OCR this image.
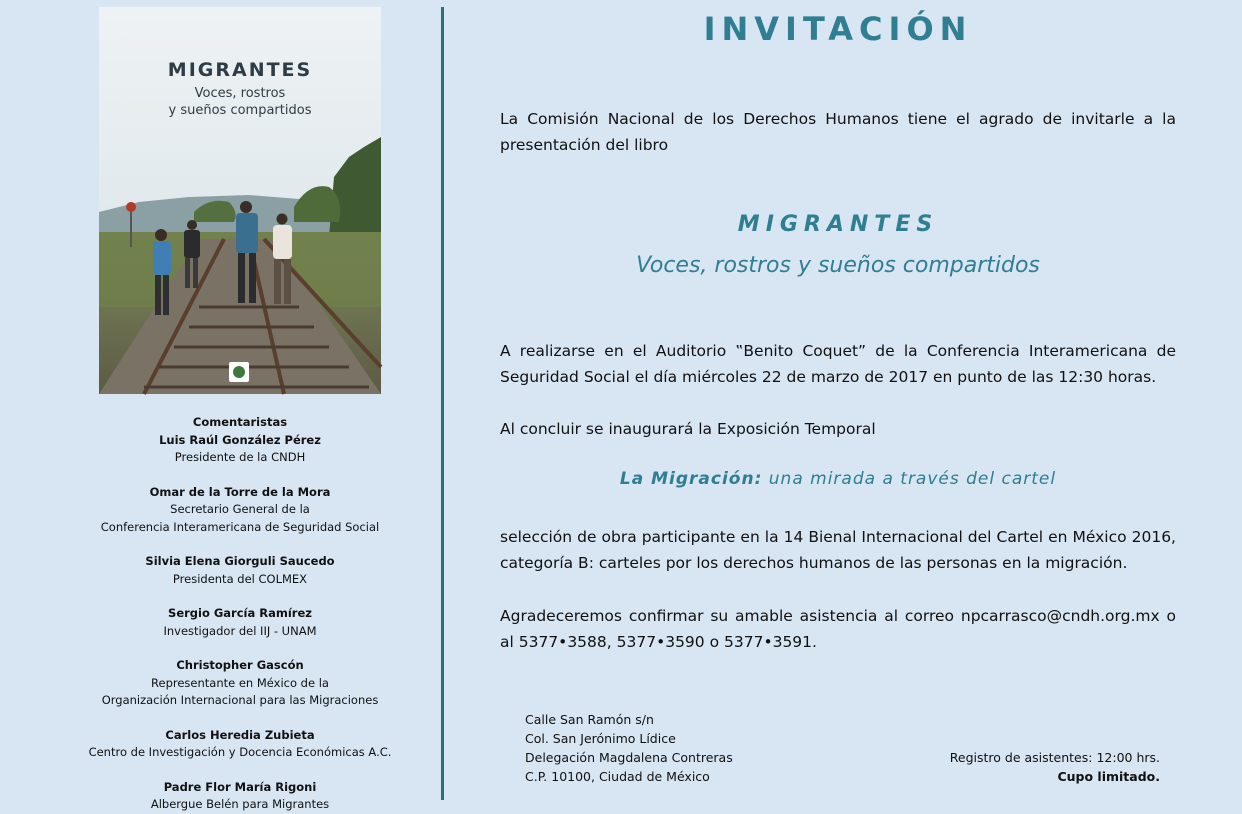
MIGRANTES
Voces, rostros
y sueños compartidos
Comentaristas
Luis Raúl González Pérez
Presidente de la CNDH
Omar de la Torre de la Mora
Secretario General de la
Conferencia Interamericana de Seguridad Social
Silvia Elena Giorguli Saucedo
Presidenta del COLMEX
Sergio García Ramírez
Investigador del IIJ - UNAM
Christopher Gascón
Representante en México de la
Organización Internacional para las Migraciones
Carlos Heredia Zubieta
Centro de Investigación y Docencia Económicas A.C.
Padre Flor María Rigoni
Albergue Belén para Migrantes
INVITACIÓN

La Comisión Nacional de los Derechos Humanos tiene el agrado de invitarle a la presentación del libro

MIGRANTES
Voces, rostros y sueños compartidos

A realizarse en el Auditorio ‟Benito Coquet” de la Conferencia Interamericana de Seguridad Social el día miércoles 22 de marzo de 2017 en punto de las 12:30 horas.

Al concluir se inaugurará la Exposición Temporal

La Migración: una mirada a través del cartel

selección de obra participante en la 14 Bienal Internacional del Cartel en México 2016, categoría B: carteles por los derechos humanos de las personas en la migración.

Agradeceremos confirmar su amable asistencia al correo npcarrasco@cndh.org.mx o al 5377•3588, 5377•3590 o 5377•3591.

Calle San Ramón s/n
Col. San Jerónimo Lídice
Delegación Magdalena Contreras
C.P. 10100, Ciudad de México
Registro de asistentes: 12:00 hrs.
Cupo limitado.
